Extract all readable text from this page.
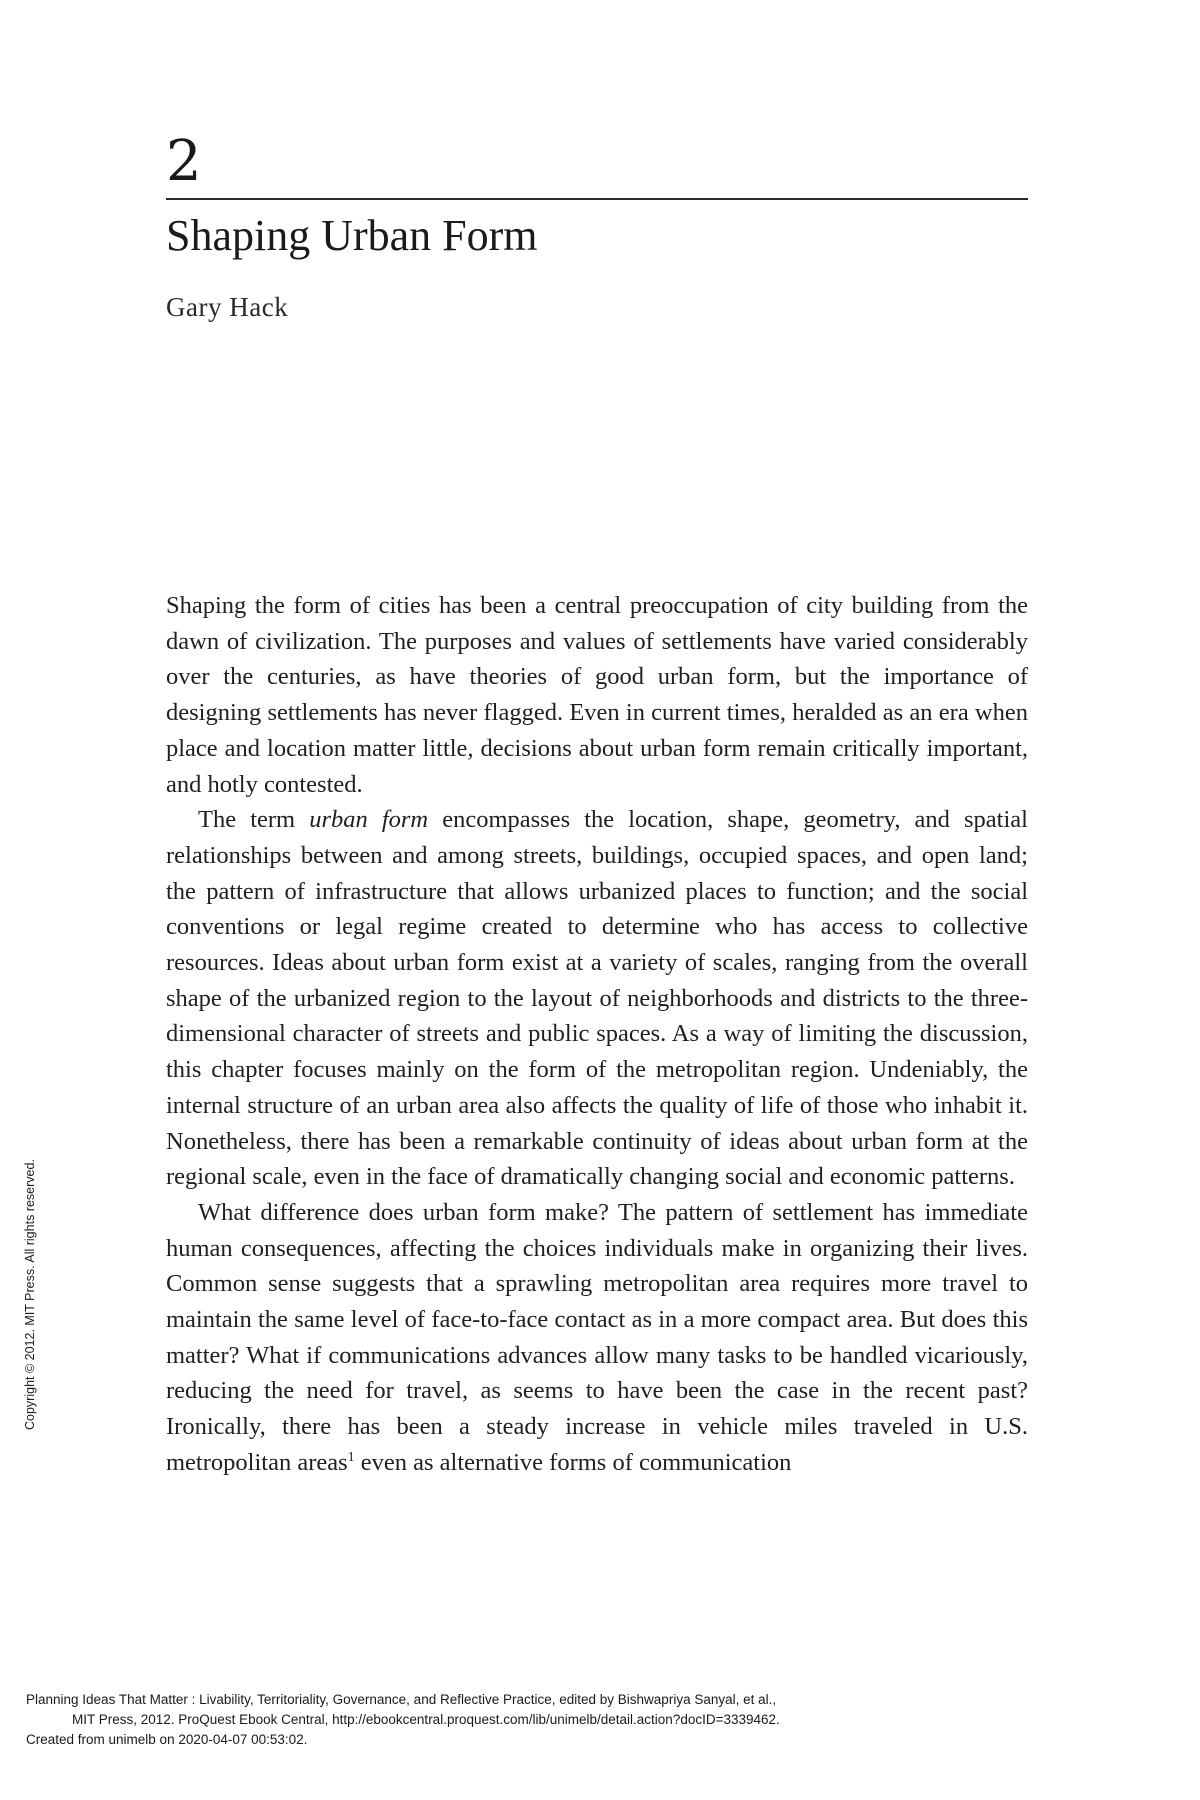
2
Shaping Urban Form
Gary Hack

Shaping the form of cities has been a central preoccupation of city building from the dawn of civilization. The purposes and values of settlements have varied considerably over the centuries, as have theories of good urban form, but the importance of designing settlements has never flagged. Even in current times, heralded as an era when place and location matter little, decisions about urban form remain critically important, and hotly contested.

The term urban form encompasses the location, shape, geometry, and spatial relationships between and among streets, buildings, occupied spaces, and open land; the pattern of infrastructure that allows urbanized places to function; and the social conventions or legal regime created to determine who has access to collective resources. Ideas about urban form exist at a variety of scales, ranging from the overall shape of the urbanized region to the layout of neighborhoods and districts to the three-dimensional character of streets and public spaces. As a way of limiting the discussion, this chapter focuses mainly on the form of the metropolitan region. Undeniably, the internal structure of an urban area also affects the quality of life of those who inhabit it. Nonetheless, there has been a remarkable continuity of ideas about urban form at the regional scale, even in the face of dramatically changing social and economic patterns.

What difference does urban form make? The pattern of settlement has immediate human consequences, affecting the choices individuals make in organizing their lives. Common sense suggests that a sprawling metropolitan area requires more travel to maintain the same level of face-to-face contact as in a more compact area. But does this matter? What if communications advances allow many tasks to be handled vicariously, reducing the need for travel, as seems to have been the case in the recent past? Ironically, there has been a steady increase in vehicle miles traveled in U.S. metropolitan areas$^1$ even as alternative forms of communication

Copyright © 2012. MIT Press. All rights reserved.
Planning Ideas That Matter : Livability, Territoriality, Governance, and Reflective Practice, edited by Bishwapriya Sanyal, et al.,
MIT Press, 2012. ProQuest Ebook Central, http://ebookcentral.proquest.com/lib/unimelb/detail.action?docID=3339462.
Created from unimelb on 2020-04-07 00:53:02.
